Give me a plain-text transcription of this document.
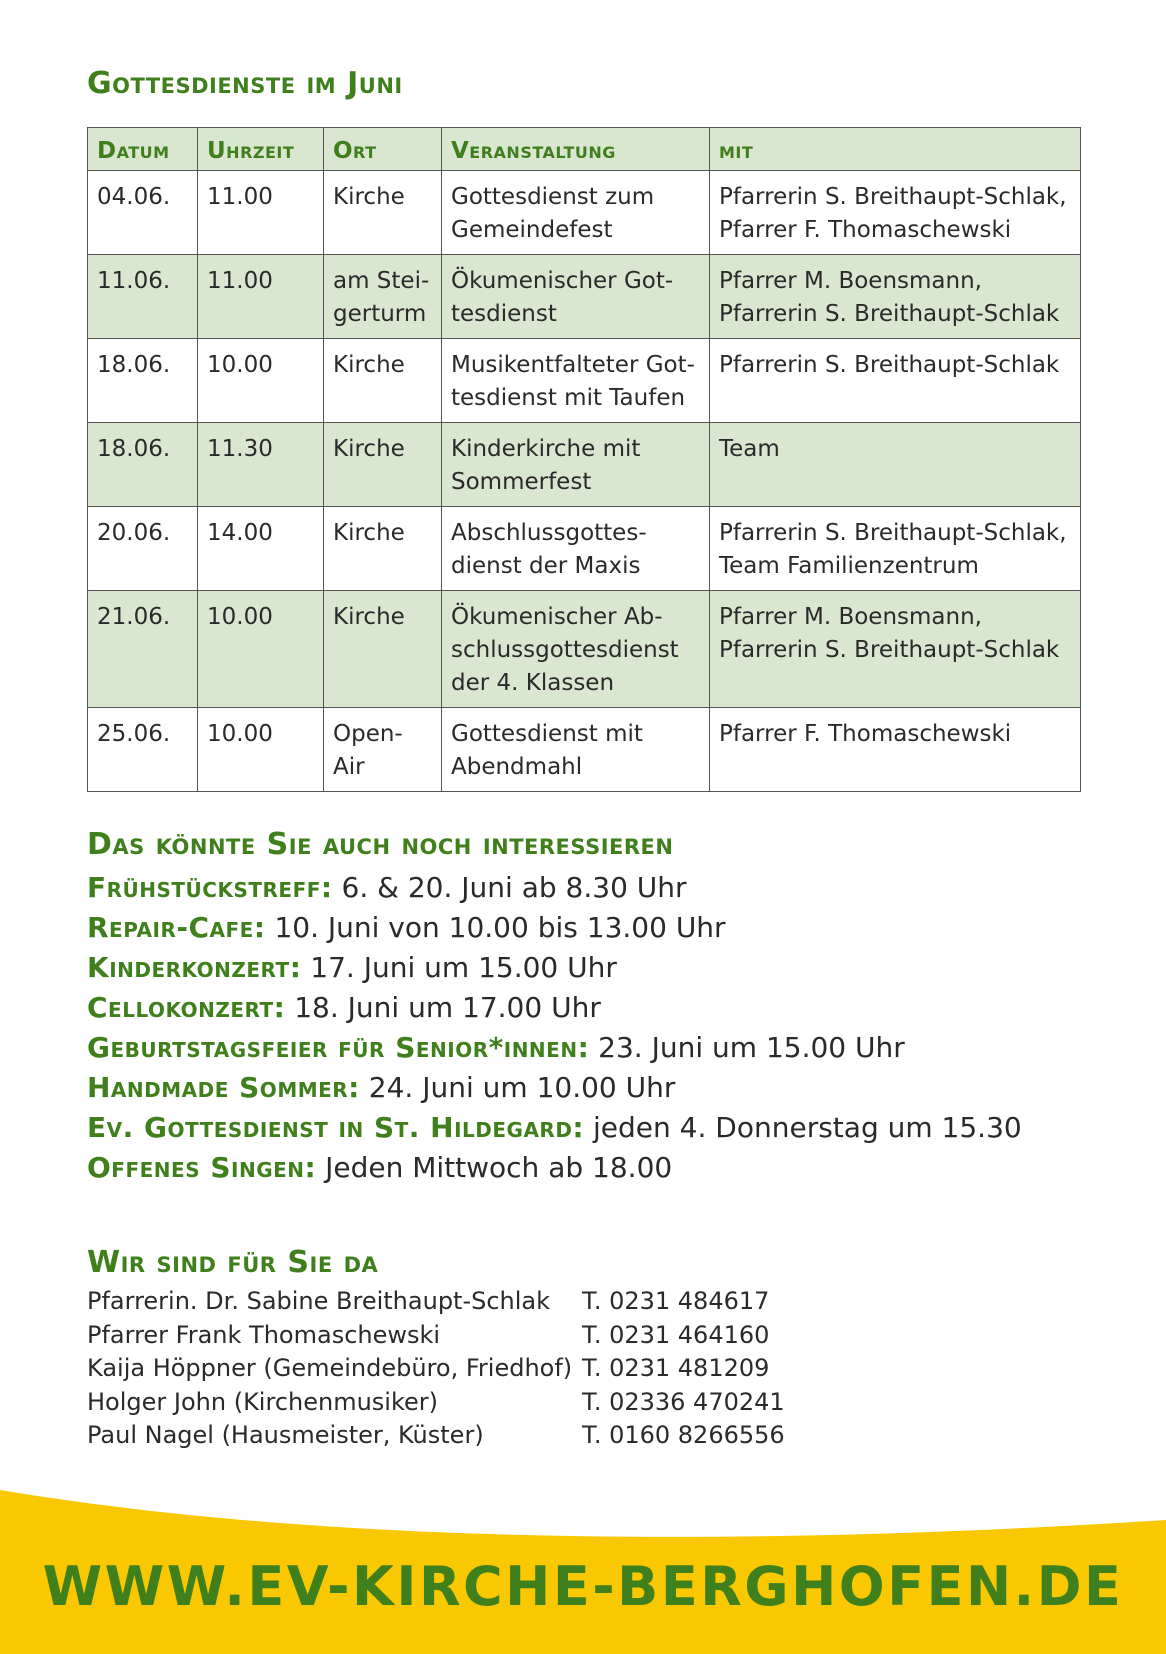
Gottesdienste im Juni
Datum	Uhrzeit	Ort	Veranstaltung	mit
04.06.	11.00	Kirche	Gottesdienst zum Gemeindefest	Pfarrerin S. Breithaupt-Schlak, Pfarrer F. Thomaschewski
11.06.	11.00	am Steigerturm	Ökumenischer Gottesdienst	Pfarrer M. Boensmann, Pfarrerin S. Breithaupt-Schlak
18.06.	10.00	Kirche	Musikentfalteter Gottesdienst mit Taufen	Pfarrerin S. Breithaupt-Schlak
18.06.	11.30	Kirche	Kinderkirche mit Sommerfest	Team
20.06.	14.00	Kirche	Abschlussgottesdienst der Maxis	Pfarrerin S. Breithaupt-Schlak, Team Familienzentrum
21.06.	10.00	Kirche	Ökumenischer Abschlussgottesdienst der 4. Klassen	Pfarrer M. Boensmann, Pfarrerin S. Breithaupt-Schlak
25.06.	10.00	Open-Air	Gottesdienst mit Abendmahl	Pfarrer F. Thomaschewski
Das könnte Sie auch noch interessieren
Frühstückstreff: 6. & 20. Juni ab 8.30 Uhr
Repair-Cafe: 10. Juni von 10.00 bis 13.00 Uhr
Kinderkonzert: 17. Juni um 15.00 Uhr
Cellokonzert: 18. Juni um 17.00 Uhr
Geburtstagsfeier für Senior*innen: 23. Juni um 15.00 Uhr
Handmade Sommer: 24. Juni um 10.00 Uhr
Ev. Gottesdienst in St. Hildegard: jeden 4. Donnerstag um 15.30
Offenes Singen: Jeden Mittwoch ab 18.00
Wir sind für Sie da
Pfarrerin. Dr. Sabine Breithaupt-Schlak	T. 0231 484617
Pfarrer Frank Thomaschewski	T. 0231 464160
Kaija Höppner (Gemeindebüro, Friedhof) T. 0231 481209
Holger John (Kirchenmusiker)	T. 02336 470241
Paul Nagel (Hausmeister, Küster)	T. 0160 8266556
WWW.EV-KIRCHE-BERGHOFEN.DE
